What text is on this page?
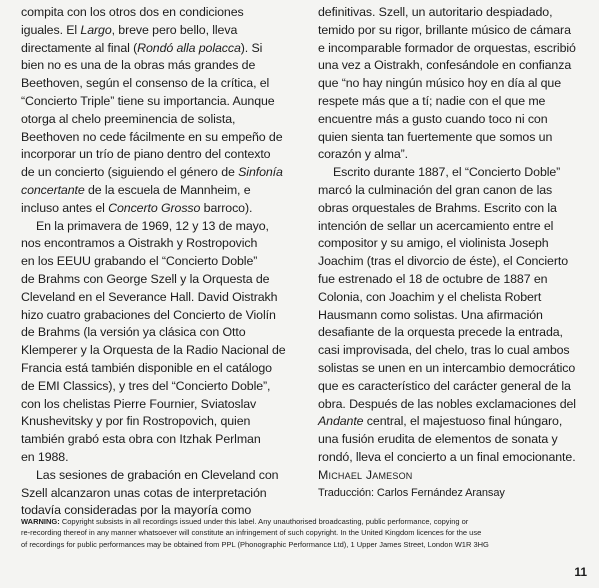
compita con los otros dos en condiciones
iguales. El Largo, breve pero bello, lleva
directamente al final (Rondó alla polacca). Si
bien no es una de la obras más grandes de
Beethoven, según el consenso de la crítica, el
“Concierto Triple” tiene su importancia. Aunque
otorga al chelo preeminencia de solista,
Beethoven no cede fácilmente en su empeño de
incorporar un trío de piano dentro del contexto
de un concierto (siguiendo el género de Sinfonía
concertante de la escuela de Mannheim, e
incluso antes el Concerto Grosso barroco).
En la primavera de 1969, 12 y 13 de mayo,
nos encontramos a Oistrakh y Rostropovich
en los EEUU grabando el “Concierto Doble”
de Brahms con George Szell y la Orquesta de
Cleveland en el Severance Hall. David Oistrakh
hizo cuatro grabaciones del Concierto de Violín
de Brahms (la versión ya clásica con Otto
Klemperer y la Orquesta de la Radio Nacional de
Francia está también disponible en el catálogo
de EMI Classics), y tres del “Concierto Doble”,
con los chelistas Pierre Fournier, Sviatoslav
Knushevitsky y por fin Rostropovich, quien
también grabó esta obra con Itzhak Perlman
en 1988.
Las sesiones de grabación en Cleveland con
Szell alcanzaron unas cotas de interpretación
todavía consideradas por la mayoría como
definitivas. Szell, un autoritario despiadado,
temido por su rigor, brillante músico de cámara
e incomparable formador de orquestas, escribió
una vez a Oistrakh, confesándole en confianza
que “no hay ningún músico hoy en día al que
respete más que a tí; nadie con el que me
encuentre más a gusto cuando toco ni con
quien sienta tan fuertemente que somos un
corazón y alma”.
Escrito durante 1887, el “Concierto Doble”
marcó la culminación del gran canon de las
obras orquestales de Brahms. Escrito con la
intención de sellar un acercamiento entre el
compositor y su amigo, el violinista Joseph
Joachim (tras el divorcio de éste), el Concierto
fue estrenado el 18 de octubre de 1887 en
Colonia, con Joachim y el chelista Robert
Hausmann como solistas. Una afirmación
desafiante de la orquesta precede la entrada,
casi improvisada, del chelo, tras lo cual ambos
solistas se unen en un intercambio democrático
que es característico del carácter general de la
obra. Después de las nobles exclamaciones del
Andante central, el majestuoso final húngaro,
una fusión erudita de elementos de sonata y
rondó, lleva el concierto a un final emocionante.
Michael Jameson
Traducción: Carlos Fernández Aransay
WARNING: Copyright subsists in all recordings issued under this label. Any unauthorised broadcasting, public performance, copying or
re-recording thereof in any manner whatsoever will constitute an infringement of such copyright. In the United Kingdom licences for the use
of recordings for public performances may be obtained from PPL (Phonographic Performance Ltd), 1 Upper James Street, London W1R 3HG
11
